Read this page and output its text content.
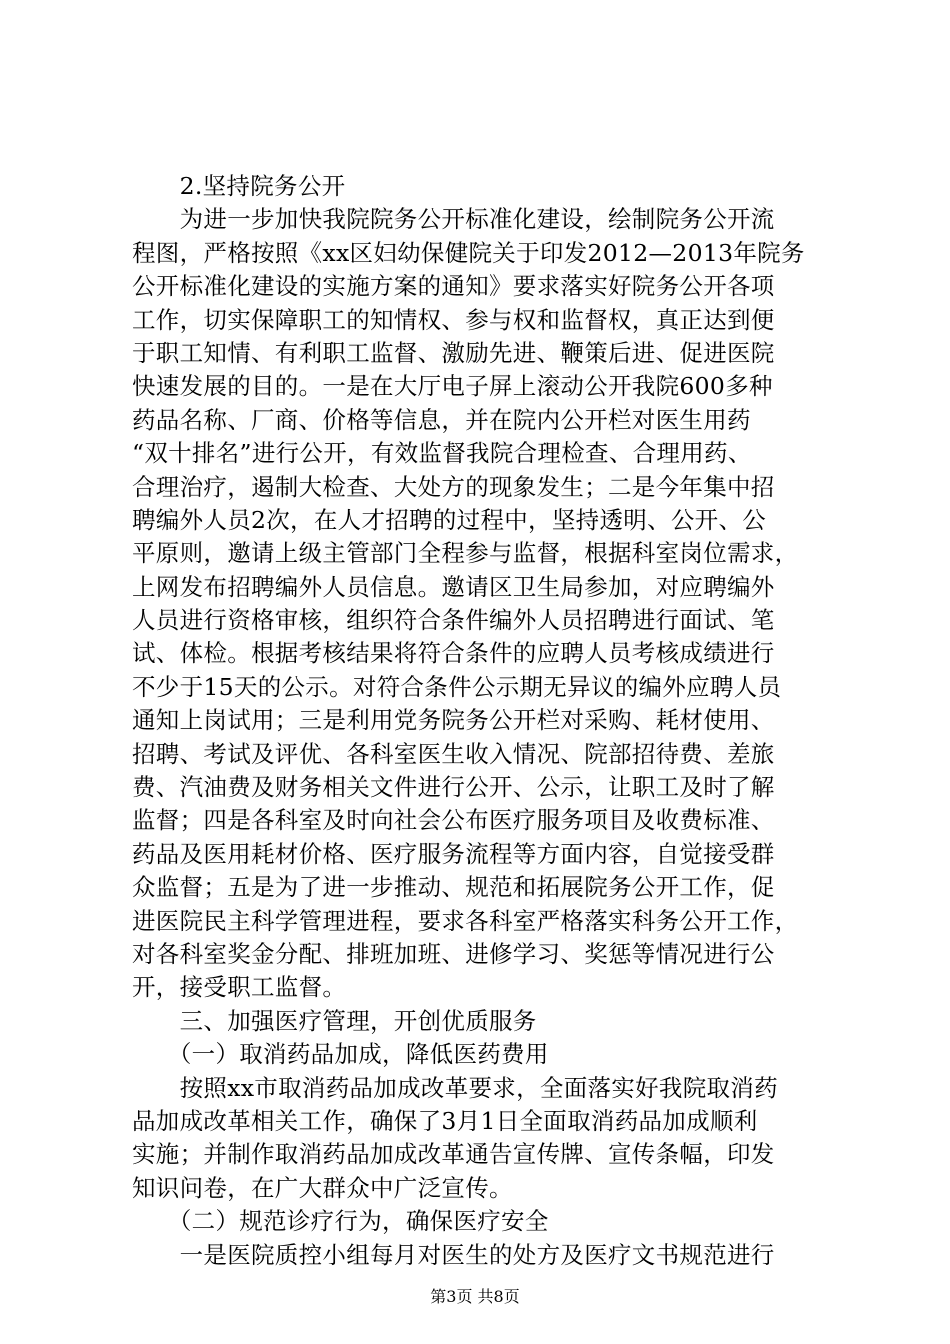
　　2.坚持院务公开
　　为进一步加快我院院务公开标准化建设，绘制院务公开流
程图，严格按照《xx区妇幼保健院关于印发2012—2013年院务
公开标准化建设的实施方案的通知》要求落实好院务公开各项
工作，切实保障职工的知情权、参与权和监督权，真正达到便
于职工知情、有利职工监督、激励先进、鞭策后进、促进医院
快速发展的目的。一是在大厅电子屏上滚动公开我院600多种
药品名称、厂商、价格等信息，并在院内公开栏对医生用药
“双十排名”进行公开，有效监督我院合理检查、合理用药、
合理治疗，遏制大检查、大处方的现象发生；二是今年集中招
聘编外人员2次，在人才招聘的过程中，坚持透明、公开、公
平原则，邀请上级主管部门全程参与监督，根据科室岗位需求，
上网发布招聘编外人员信息。邀请区卫生局参加，对应聘编外
人员进行资格审核，组织符合条件编外人员招聘进行面试、笔
试、体检。根据考核结果将符合条件的应聘人员考核成绩进行
不少于15天的公示。对符合条件公示期无异议的编外应聘人员
通知上岗试用；三是利用党务院务公开栏对采购、耗材使用、
招聘、考试及评优、各科室医生收入情况、院部招待费、差旅
费、汽油费及财务相关文件进行公开、公示，让职工及时了解
监督；四是各科室及时向社会公布医疗服务项目及收费标准、
药品及医用耗材价格、医疗服务流程等方面内容，自觉接受群
众监督；五是为了进一步推动、规范和拓展院务公开工作，促
进医院民主科学管理进程，要求各科室严格落实科务公开工作，
对各科室奖金分配、排班加班、进修学习、奖惩等情况进行公
开，接受职工监督。
　　三、加强医疗管理，开创优质服务
　　（一）取消药品加成，降低医药费用
　　按照xx市取消药品加成改革要求，全面落实好我院取消药
品加成改革相关工作，确保了3月1日全面取消药品加成顺利
实施；并制作取消药品加成改革通告宣传牌、宣传条幅，印发
知识问卷，在广大群众中广泛宣传。
　　（二）规范诊疗行为，确保医疗安全
　　一是医院质控小组每月对医生的处方及医疗文书规范进行
第3页 共8页
